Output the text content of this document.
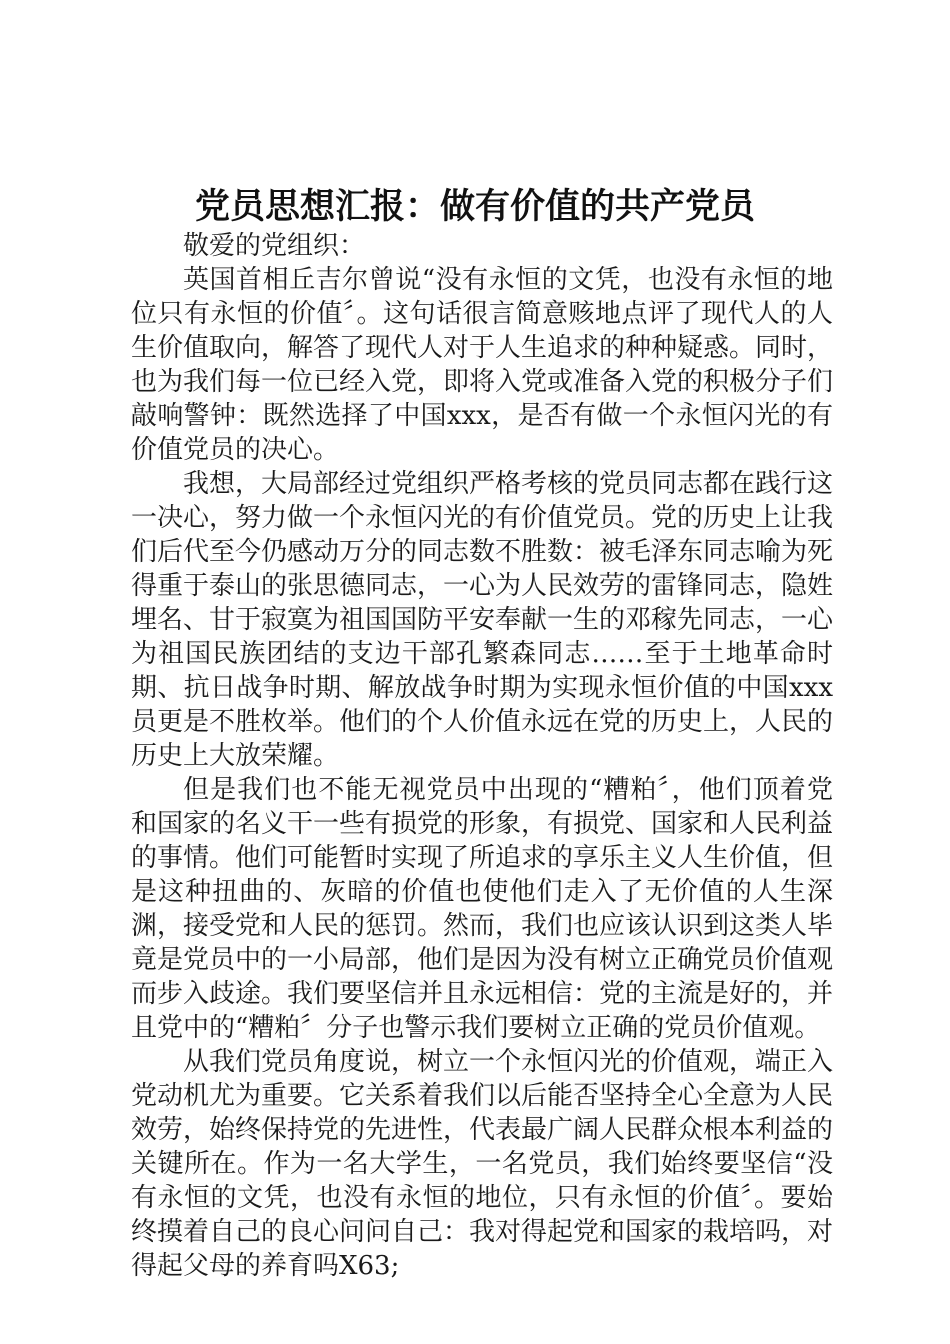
党员思想汇报：做有价值的共产党员

敬爱的党组织：

英国首相丘吉尔曾说“没有永恒的文凭，也没有永恒的地位只有永恒的价值〞。这句话很言简意赅地点评了现代人的人生价值取向，解答了现代人对于人生追求的种种疑惑。同时，也为我们每一位已经入党，即将入党或准备入党的积极分子们敲响警钟：既然选择了中国xxx，是否有做一个永恒闪光的有价值党员的决心。

我想，大局部经过党组织严格考核的党员同志都在践行这一决心，努力做一个永恒闪光的有价值党员。党的历史上让我们后代至今仍感动万分的同志数不胜数：被毛泽东同志喻为死得重于泰山的张思德同志，一心为人民效劳的雷锋同志，隐姓埋名、甘于寂寞为祖国国防平安奉献一生的邓稼先同志，一心为祖国民族团结的支边干部孔繁森同志……至于土地革命时期、抗日战争时期、解放战争时期为实现永恒价值的中国xxx员更是不胜枚举。他们的个人价值永远在党的历史上，人民的历史上大放荣耀。

但是我们也不能无视党员中出现的“糟粕〞，他们顶着党和国家的名义干一些有损党的形象，有损党、国家和人民利益的事情。他们可能暂时实现了所追求的享乐主义人生价值，但是这种扭曲的、灰暗的价值也使他们走入了无价值的人生深渊，接受党和人民的惩罚。然而，我们也应该认识到这类人毕竟是党员中的一小局部，他们是因为没有树立正确党员价值观而步入歧途。我们要坚信并且永远相信：党的主流是好的，并且党中的“糟粕〞分子也警示我们要树立正确的党员价值观。

从我们党员角度说，树立一个永恒闪光的价值观，端正入党动机尤为重要。它关系着我们以后能否坚持全心全意为人民效劳，始终保持党的先进性，代表最广阔人民群众根本利益的关键所在。作为一名大学生，一名党员，我们始终要坚信“没有永恒的文凭，也没有永恒的地位，只有永恒的价值〞。要始终摸着自己的良心问问自己：我对得起党和国家的栽培吗，对得起父母的养育吗X63;
